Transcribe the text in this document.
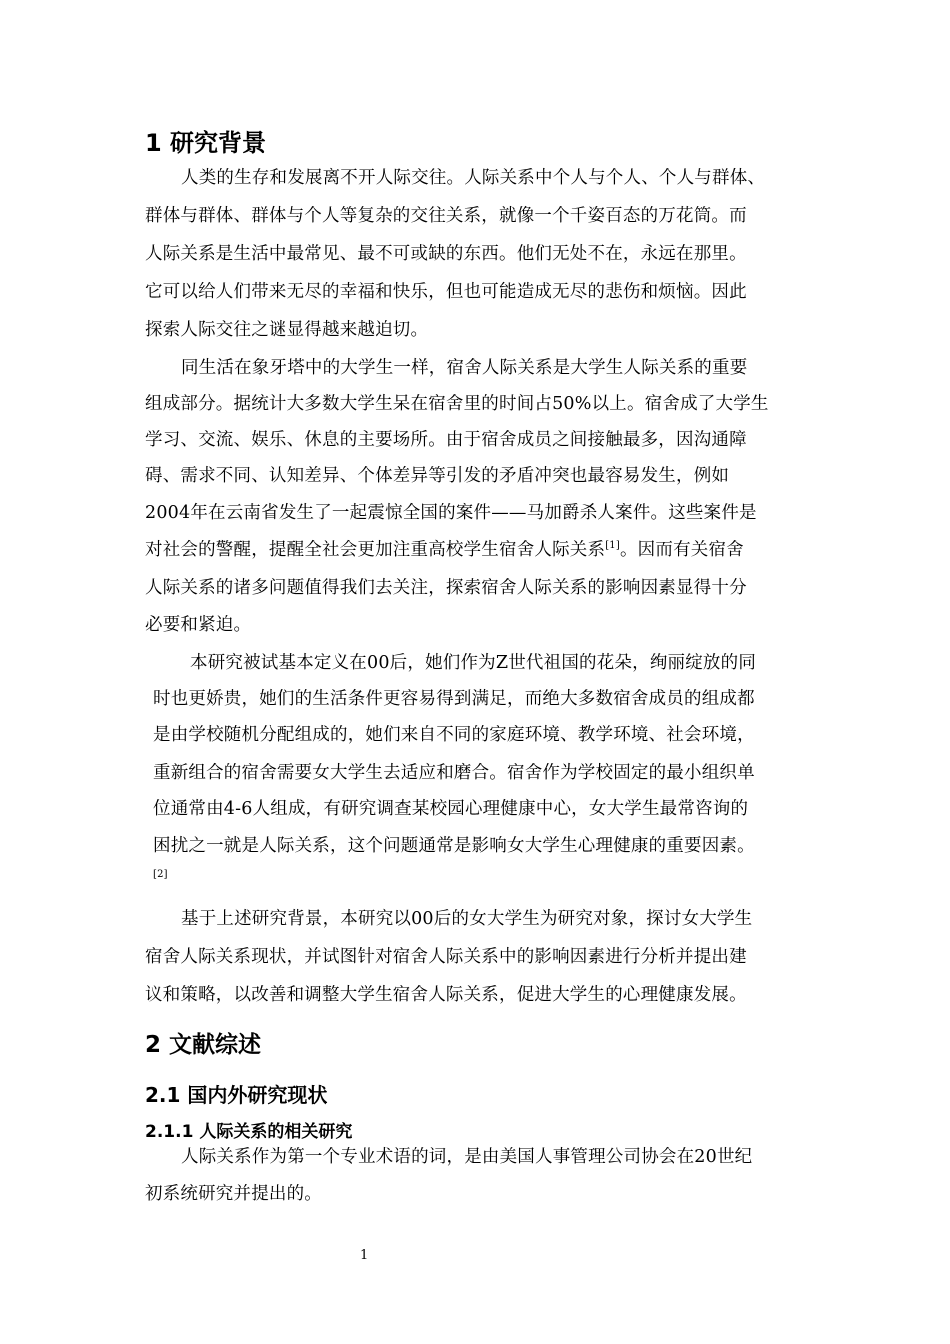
1 研究背景
人类的生存和发展离不开人际交往。人际关系中个人与个人、个人与群体、
群体与群体、群体与个人等复杂的交往关系，就像一个千姿百态的万花筒。而
人际关系是生活中最常见、最不可或缺的东西。他们无处不在，永远在那里。
它可以给人们带来无尽的幸福和快乐，但也可能造成无尽的悲伤和烦恼。因此
探索人际交往之谜显得越来越迫切。
同生活在象牙塔中的大学生一样，宿舍人际关系是大学生人际关系的重要
组成部分。据统计大多数大学生呆在宿舍里的时间占50%以上。宿舍成了大学生
学习、交流、娱乐、休息的主要场所。由于宿舍成员之间接触最多，因沟通障
碍、需求不同、认知差异、个体差异等引发的矛盾冲突也最容易发生，例如
2004年在云南省发生了一起震惊全国的案件——马加爵杀人案件。这些案件是
对社会的警醒，提醒全社会更加注重高校学生宿舍人际关系[1]。因而有关宿舍
人际关系的诸多问题值得我们去关注，探索宿舍人际关系的影响因素显得十分
必要和紧迫。
本研究被试基本定义在00后，她们作为Z世代祖国的花朵，绚丽绽放的同
时也更娇贵，她们的生活条件更容易得到满足，而绝大多数宿舍成员的组成都
是由学校随机分配组成的，她们来自不同的家庭环境、教学环境、社会环境，
重新组合的宿舍需要女大学生去适应和磨合。宿舍作为学校固定的最小组织单
位通常由4-6人组成，有研究调查某校园心理健康中心，女大学生最常咨询的
困扰之一就是人际关系，这个问题通常是影响女大学生心理健康的重要因素。
[2]
基于上述研究背景，本研究以00后的女大学生为研究对象，探讨女大学生
宿舍人际关系现状，并试图针对宿舍人际关系中的影响因素进行分析并提出建
议和策略，以改善和调整大学生宿舍人际关系，促进大学生的心理健康发展。
2 文献综述
2.1 国内外研究现状
2.1.1 人际关系的相关研究
人际关系作为第一个专业术语的词，是由美国人事管理公司协会在20世纪
初系统研究并提出的。
1
